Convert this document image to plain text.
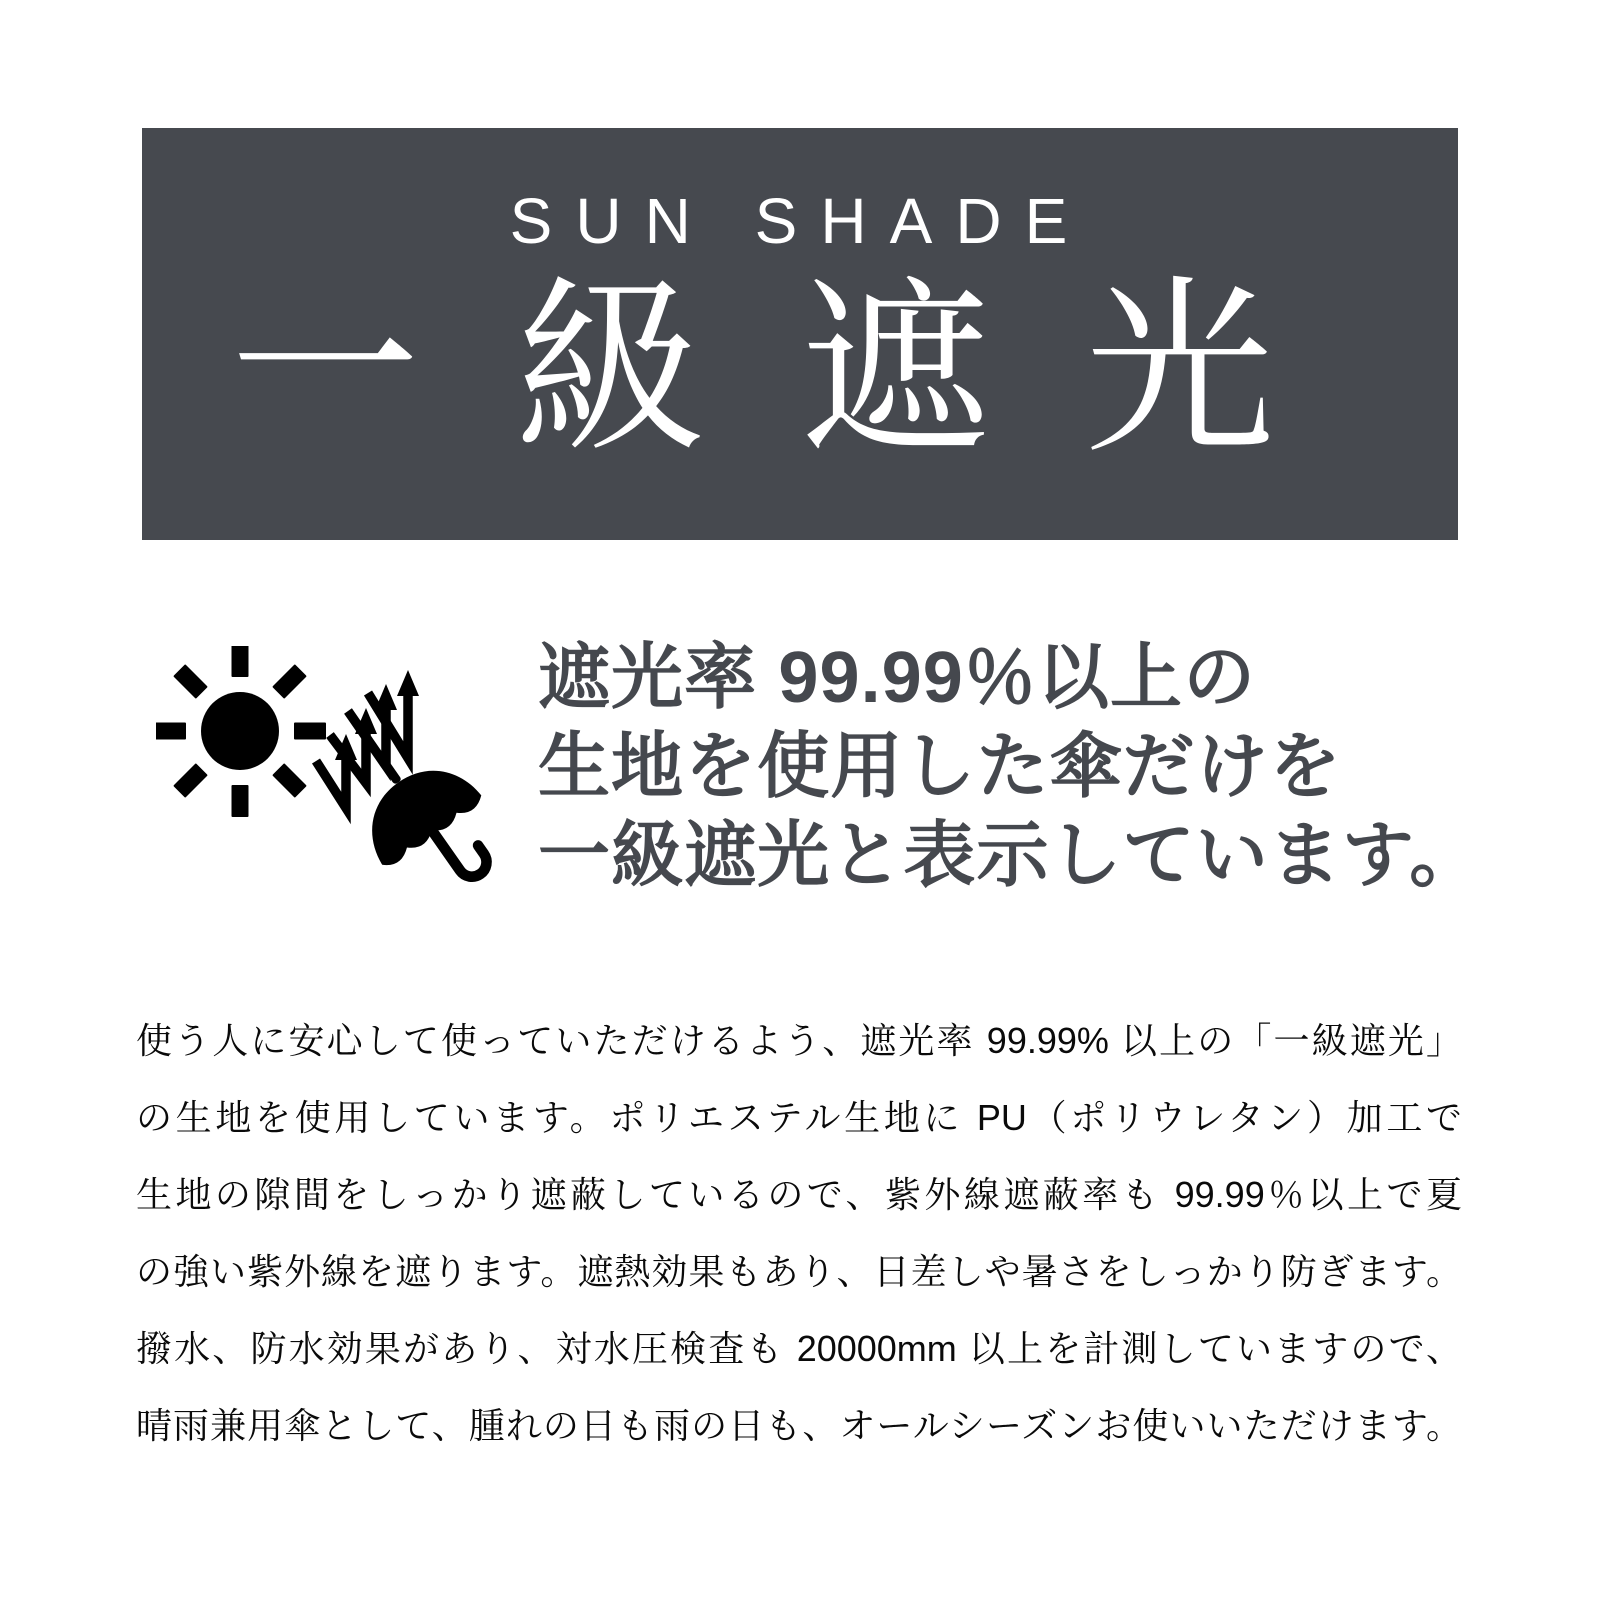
SUN SHADE
一級遮光
遮光率 99.99％以上の
生地を使用した傘だけを
一級遮光と表示しています。
使う人に安心して使っていただけるよう、遮光率 99.99% 以上の「一級遮光」
の生地を使用しています。ポリエステル生地に PU（ポリウレタン）加工で
生地の隙間をしっかり遮蔽しているので、紫外線遮蔽率も 99.99％以上で夏
の強い紫外線を遮ります。遮熱効果もあり、日差しや暑さをしっかり防ぎます。
撥水、防水効果があり、対水圧検査も 20000mm 以上を計測していますので、
晴雨兼用傘として、腫れの日も雨の日も、オールシーズンお使いいただけます。
